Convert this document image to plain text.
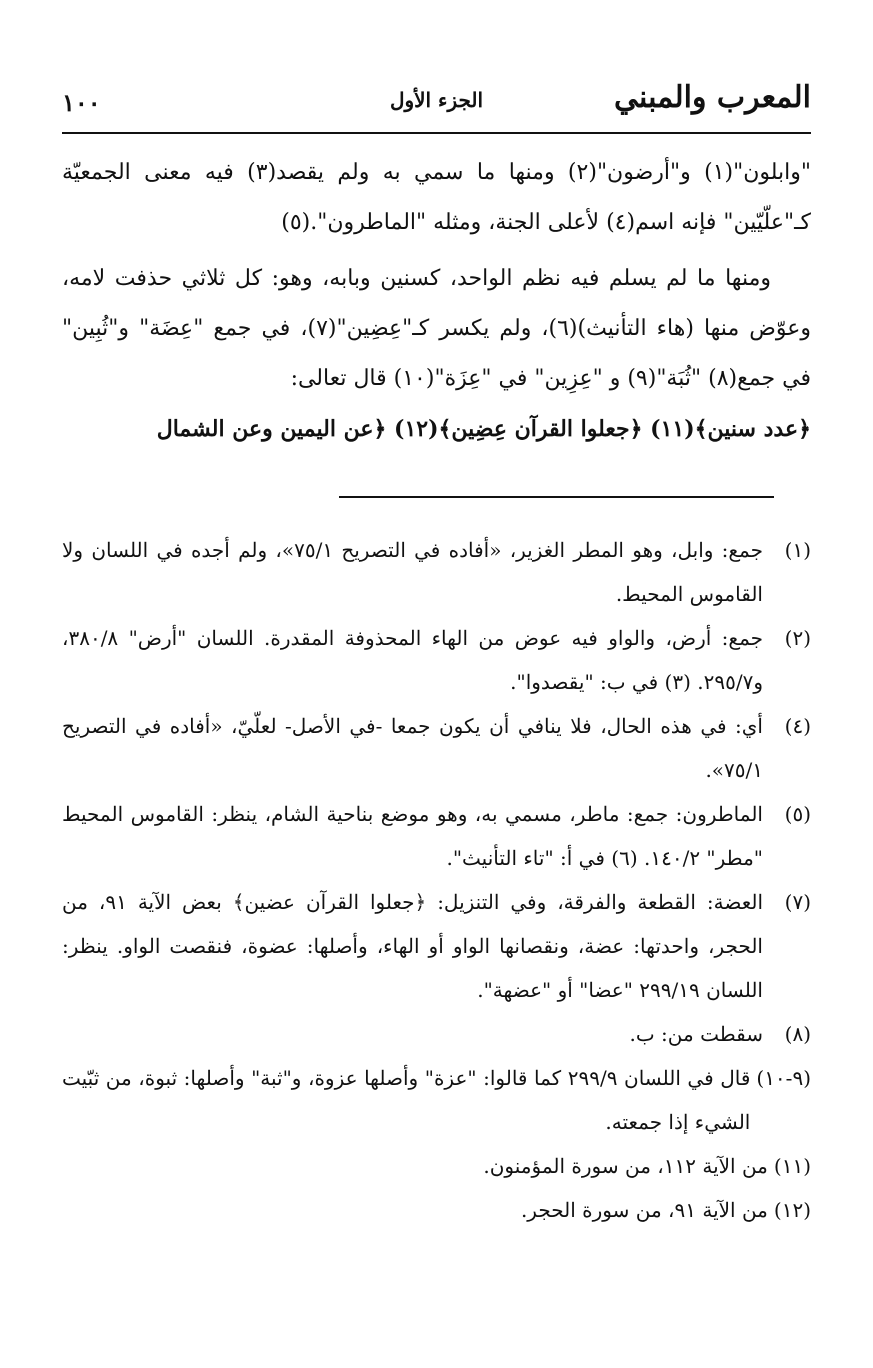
المعرب والمبني
الجزء الأول
١٠٠

"وابلون"(١) و"أرضون"(٢) ومنها ما سمي به ولم يقصد(٣) فيه معنى الجمعيّة كـ"علّيّين" فإنه اسم(٤) لأعلى الجنة، ومثله "الماطرون".(٥)

ومنها ما لم يسلم فيه نظم الواحد، كسنين وبابه، وهو: كل ثلاثي حذفت لامه، وعوّض منها (هاء التأنيث)(٦)، ولم يكسر كـ"عِضِين"(٧)، في جمع "عِضَة" و"ثُبِين" في جمع(٨) "ثُبَة"(٩) و "عِزِين" في "عِزَة"(١٠) قال تعالى:

﴿عدد سنين﴾(١١) ﴿جعلوا القرآن عِضِين﴾(١٢) ﴿عن اليمين وعن الشمال

(١)
جمع: وابل، وهو المطر الغزير، «أفاده في التصريح ٧٥/١»، ولم أجده في اللسان ولا القاموس المحيط.
(٢)
جمع: أرض، والواو فيه عوض من الهاء المحذوفة المقدرة. اللسان "أرض" ٣٨٠/٨، و٢٩٥/٧. (٣) في ب: "يقصدوا".
(٤)
أي: في هذه الحال، فلا ينافي أن يكون جمعا -في الأصل- لعلّيّ، «أفاده في التصريح ٧٥/١».
(٥)
الماطرون: جمع: ماطر، مسمي به، وهو موضع بناحية الشام، ينظر: القاموس المحيط "مطر" ١٤٠/٢. (٦) في أ: "تاء التأنيث".
(٧)
العضة: القطعة والفرقة، وفي التنزيل: ﴿جعلوا القرآن عضين﴾ بعض الآية ٩١، من الحجر، واحدتها: عضة، ونقصانها الواو أو الهاء، وأصلها: عضوة، فنقصت الواو. ينظر: اللسان ٢٩٩/١٩ "عضا" أو "عضهة".
(٨)
سقطت من: ب.
(٩-١٠)
قال في اللسان ٢٩٩/٩ كما قالوا: "عزة" وأصلها عزوة، و"ثبة" وأصلها: ثبوة، من ثبّيت الشيء إذا جمعته.
(١١)
من الآية ١١٢، من سورة المؤمنون.
(١٢)
من الآية ٩١، من سورة الحجر.
